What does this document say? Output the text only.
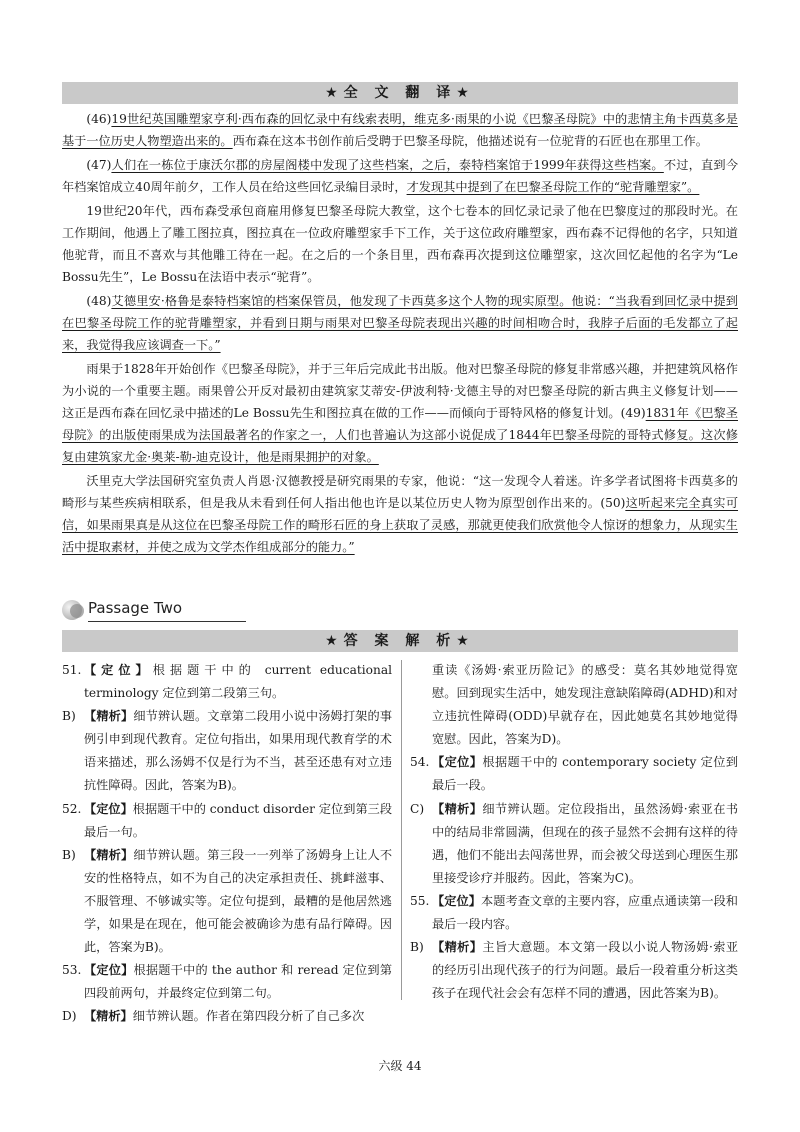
★全 文 翻 译★

(46)19世纪英国雕塑家亨利·西布森的回忆录中有线索表明，维克多·雨果的小说《巴黎圣母院》中的悲情主角卡西莫多是基于一位历史人物塑造出来的。西布森在这本书创作前后受聘于巴黎圣母院，他描述说有一位驼背的石匠也在那里工作。

(47)人们在一栋位于康沃尔郡的房屋阁楼中发现了这些档案，之后，泰特档案馆于1999年获得这些档案。不过，直到今年档案馆成立40周年前夕，工作人员在给这些回忆录编目录时，才发现其中提到了在巴黎圣母院工作的“驼背雕塑家”。

19世纪20年代，西布森受承包商雇用修复巴黎圣母院大教堂，这个七卷本的回忆录记录了他在巴黎度过的那段时光。在工作期间，他遇上了雕工图拉真，图拉真在一位政府雕塑家手下工作，关于这位政府雕塑家，西布森不记得他的名字，只知道他驼背，而且不喜欢与其他雕工待在一起。在之后的一个条目里，西布森再次提到这位雕塑家，这次回忆起他的名字为“Le Bossu先生”，Le Bossu在法语中表示“驼背”。

(48)艾德里安·格鲁是泰特档案馆的档案保管员，他发现了卡西莫多这个人物的现实原型。他说：“当我看到回忆录中提到在巴黎圣母院工作的驼背雕塑家，并看到日期与雨果对巴黎圣母院表现出兴趣的时间相吻合时，我脖子后面的毛发都立了起来，我觉得我应该调查一下。”

雨果于1828年开始创作《巴黎圣母院》，并于三年后完成此书出版。他对巴黎圣母院的修复非常感兴趣，并把建筑风格作为小说的一个重要主题。雨果曾公开反对最初由建筑家艾蒂安-伊波利特·戈德主导的对巴黎圣母院的新古典主义修复计划——这正是西布森在回忆录中描述的Le Bossu先生和图拉真在做的工作——而倾向于哥特风格的修复计划。(49)1831年《巴黎圣母院》的出版使雨果成为法国最著名的作家之一，人们也普遍认为这部小说促成了1844年巴黎圣母院的哥特式修复。这次修复由建筑家尤金·奥莱-勒-迪克设计，他是雨果拥护的对象。

沃里克大学法国研究室负责人肖恩·汉德教授是研究雨果的专家，他说：“这一发现令人着迷。许多学者试图将卡西莫多的畸形与某些疾病相联系，但是我从未看到任何人指出他也许是以某位历史人物为原型创作出来的。(50)这听起来完全真实可信，如果雨果真是从这位在巴黎圣母院工作的畸形石匠的身上获取了灵感，那就更使我们欣赏他令人惊讶的想象力，从现实生活中提取素材，并使之成为文学杰作组成部分的能力。”

Passage Two
★答 案 解 析★

51. 【定位】根据题干中的 current educational terminology 定位到第二段第三句。

B) 【精析】细节辨认题。文章第二段用小说中汤姆打架的事例引申到现代教育。定位句指出，如果用现代教育学的术语来描述，那么汤姆不仅是行为不当，甚至还患有对立违抗性障碍。因此，答案为B)。

52. 【定位】根据题干中的 conduct disorder 定位到第三段最后一句。

B) 【精析】细节辨认题。第三段一一列举了汤姆身上让人不安的性格特点，如不为自己的决定承担责任、挑衅滋事、不服管理、不够诚实等。定位句提到，最糟的是他居然逃学，如果是在现在，他可能会被确诊为患有品行障碍。因此，答案为B)。

53. 【定位】根据题干中的 the author 和 reread 定位到第四段前两句，并最终定位到第二句。

D) 【精析】细节辨认题。作者在第四段分析了自己多次

重读《汤姆·索亚历险记》的感受：莫名其妙地觉得宽慰。回到现实生活中，她发现注意缺陷障碍(ADHD)和对立违抗性障碍(ODD)早就存在，因此她莫名其妙地觉得宽慰。因此，答案为D)。

54. 【定位】根据题干中的 contemporary society 定位到最后一段。

C) 【精析】细节辨认题。定位段指出，虽然汤姆·索亚在书中的结局非常圆满，但现在的孩子显然不会拥有这样的待遇，他们不能出去闯荡世界，而会被父母送到心理医生那里接受诊疗并服药。因此，答案为C)。

55. 【定位】本题考查文章的主要内容，应重点通读第一段和最后一段内容。

B) 【精析】主旨大意题。本文第一段以小说人物汤姆·索亚的经历引出现代孩子的行为问题。最后一段着重分析这类孩子在现代社会会有怎样不同的遭遇，因此答案为B)。

六级 44
